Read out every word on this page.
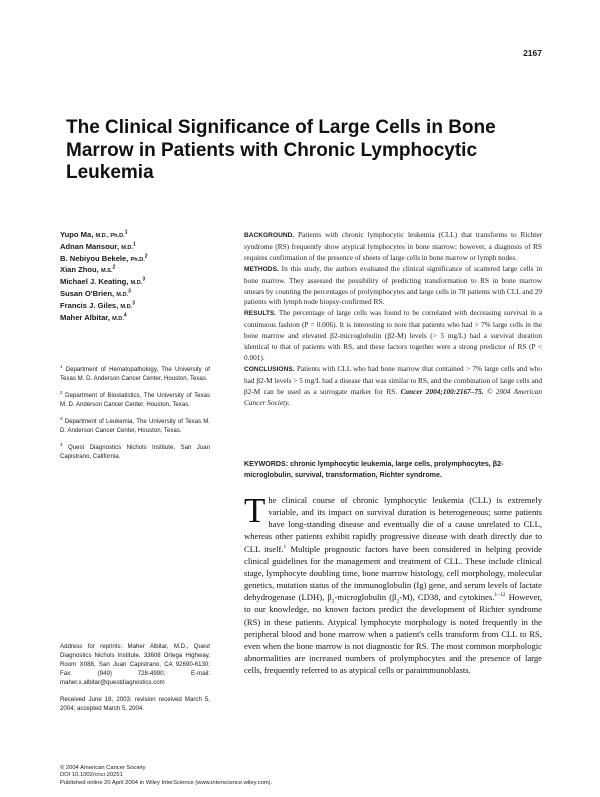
2167
The Clinical Significance of Large Cells in Bone Marrow in Patients with Chronic Lymphocytic Leukemia
Yupo Ma, M.D., Ph.D.$^1$
Adnan Mansour, M.D.$^1$
B. Nebiyou Bekele, Ph.D.$^2$
Xian Zhou, M.S.$^2$
Michael J. Keating, M.D.$^3$
Susan O'Brien, M.D.$^3$
Francis J. Giles, M.D.$^3$
Maher Albitar, M.D.$^4$
$^1$ Department of Hematopathology, The University of Texas M. D. Anderson Cancer Center, Houston, Texas.
$^2$ Department of Biostatistics, The University of Texas M. D. Anderson Cancer Center, Houston, Texas.
$^3$ Department of Leukemia, The University of Texas M. D. Anderson Cancer Center, Houston, Texas.
$^4$ Quest Diagnostics Nichols Institute, San Juan Capistrano, California.
Address for reprints: Maher Albitar, M.D., Quest Diagnostics Nichols Institute, 33608 Ortega Highway, Room X088, San Juan Capistrano, CA 92690-6130; Fax: (949) 728-4990; E-mail: maher.x.albitar@questdiagnostics.com
Received June 18, 2003; revision received March 5, 2004; accepted March 5, 2004.

BACKGROUND. Patients with chronic lymphocytic leukemia (CLL) that transforms to Richter syndrome (RS) frequently show atypical lymphocytes in bone marrow; however, a diagnosis of RS requires confirmation of the presence of sheets of large cells in bone marrow or lymph nodes.

METHODS. In this study, the authors evaluated the clinical significance of scattered large cells in bone marrow. They assessed the possibility of predicting transformation to RS in bone marrow smears by counting the percentages of prolymphocytes and large cells in 78 patients with CLL and 29 patients with lymph node biopsy-confirmed RS.

RESULTS. The percentage of large cells was found to be correlated with decreasing survival in a continuous fashion (P = 0.006). It is interesting to note that patients who had > 7% large cells in the bone marrow and elevated β2-microglobulin (β2-M) levels (> 5 mg/L) had a survival duration identical to that of patients with RS, and these factors together were a strong predictor of RS (P < 0.001).

CONCLUSIONS. Patients with CLL who had bone marrow that contained > 7% large cells and who had β2-M levels > 5 mg/L had a disease that was similar to RS, and the combination of large cells and β2-M can be used as a surrogate marker for RS. Cancer 2004;100:2167–75. © 2004 American Cancer Society.

KEYWORDS: chronic lymphocytic leukemia, large cells, prolymphocytes, β2-microglobulin, survival, transformation, Richter syndrome.

The clinical course of chronic lymphocytic leukemia (CLL) is extremely variable, and its impact on survival duration is heterogeneous; some patients have long-standing disease and eventually die of a cause unrelated to CLL, whereas other patients exhibit rapidly progressive disease with death directly due to CLL itself.$^1$ Multiple prognostic factors have been considered in helping provide clinical guidelines for the management and treatment of CLL. These include clinical stage, lymphocyte doubling time, bone marrow histology, cell morphology, molecular genetics, mutation status of the immunoglobulin (Ig) gene, and serum levels of lactate dehydrogenase (LDH), $\beta_2$-microglobulin $(\beta_2-M)$, CD38, and cytokines.$^{1-12}$ However, to our knowledge, no known factors predict the development of Richter syndrome (RS) in these patients. Atypical lymphocyte morphology is noted frequently in the peripheral blood and bone marrow when a patient's cells transform from CLL to RS, even when the bone marrow is not diagnostic for RS. The most common morphologic abnormalities are increased numbers of prolymphocytes and the presence of large cells, frequently referred to as atypical cells or paraimmunoblasts.

© 2004 American Cancer Society
DOI 10.1002/cncr.20251
Published online 20 April 2004 in Wiley InterScience (www.interscience.wiley.com).
